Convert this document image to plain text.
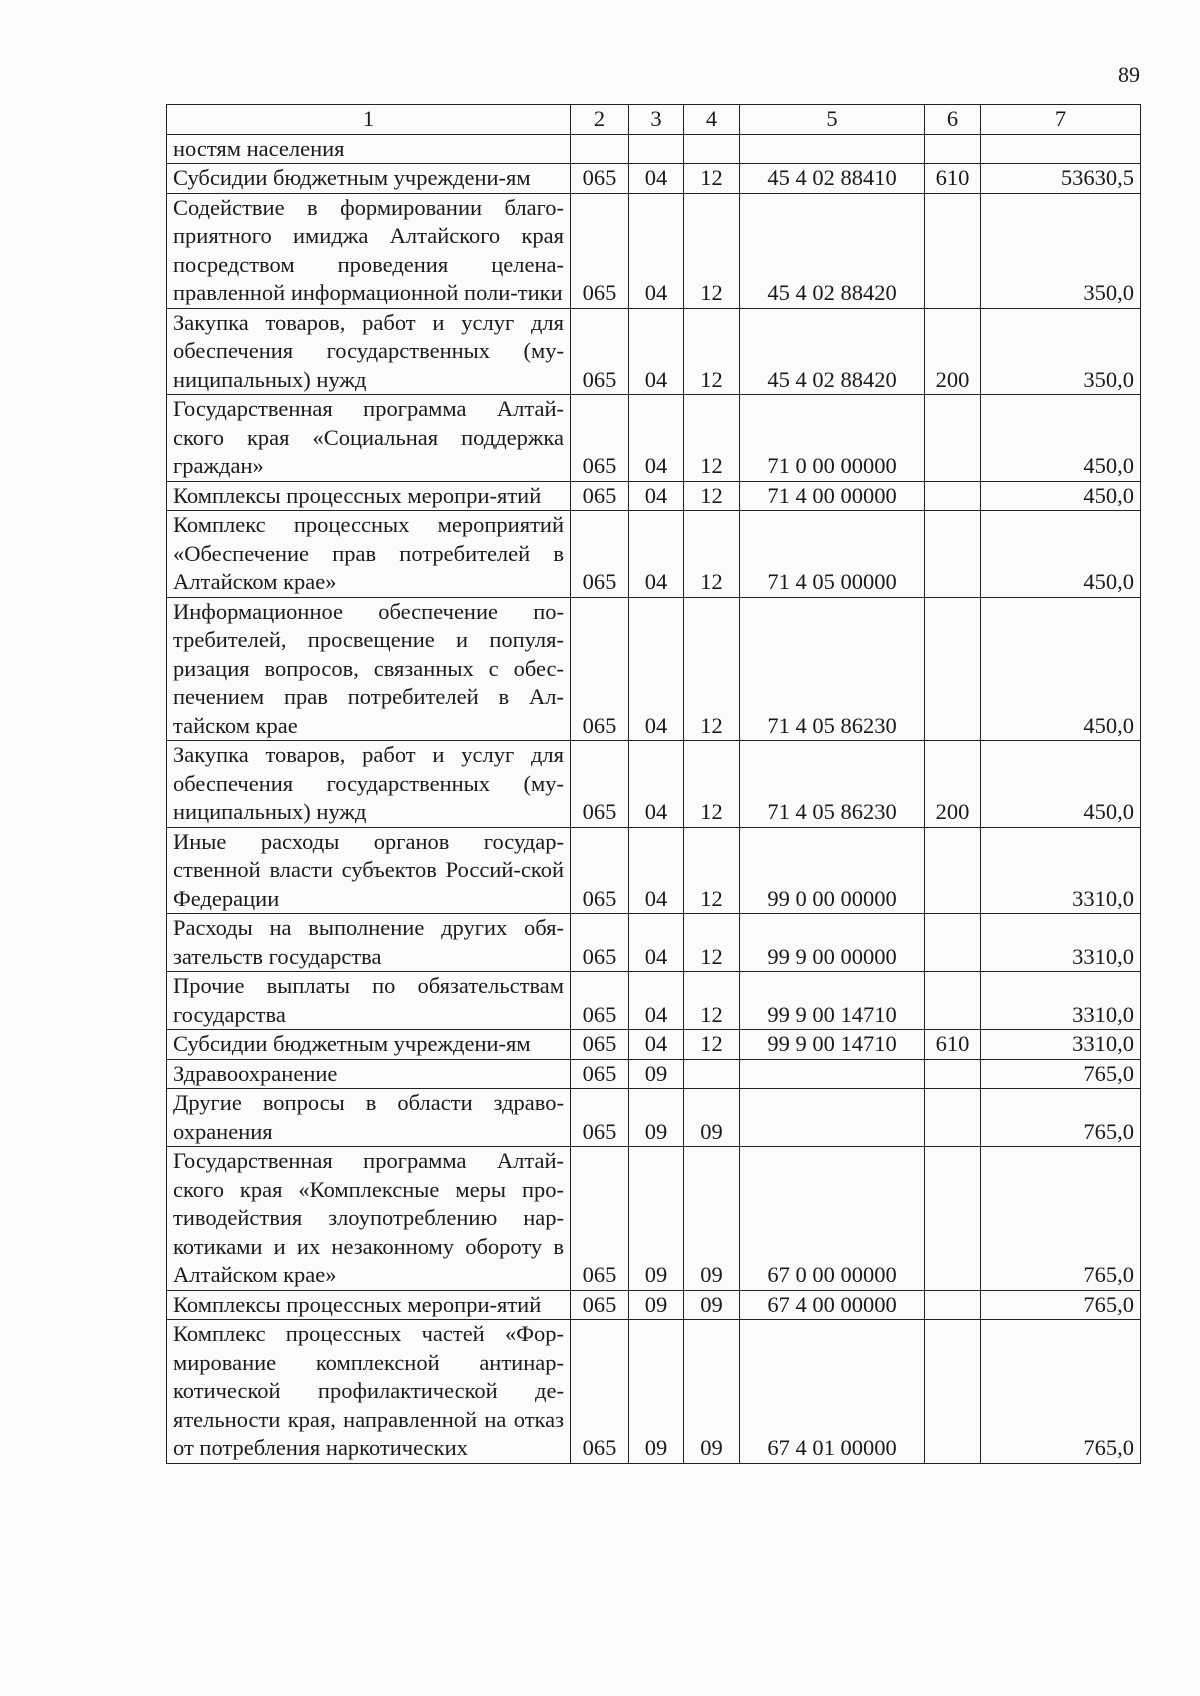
89
1	2	3	4	5	6	7
ностям населения						
Субсидии бюджетным учреждени-ям	065	04	12	45 4 02 88410	610	53630,5
Содействие в формировании благо-приятного имиджа Алтайского края посредством проведения целена-правленной информационной поли-тики	065	04	12	45 4 02 88420		350,0
Закупка товаров, работ и услуг для обеспечения государственных (му-ниципальных) нужд	065	04	12	45 4 02 88420	200	350,0
Государственная программа Алтай-ского края «Социальная поддержка граждан»	065	04	12	71 0 00 00000		450,0
Комплексы процессных меропри-ятий	065	04	12	71 4 00 00000		450,0
Комплекс процессных мероприятий «Обеспечение прав потребителей в Алтайском крае»	065	04	12	71 4 05 00000		450,0
Информационное обеспечение по-требителей, просвещение и популя-ризация вопросов, связанных с обес-печением прав потребителей в Ал-тайском крае	065	04	12	71 4 05 86230		450,0
Закупка товаров, работ и услуг для обеспечения государственных (му-ниципальных) нужд	065	04	12	71 4 05 86230	200	450,0
Иные расходы органов государ-ственной власти субъектов Россий-ской Федерации	065	04	12	99 0 00 00000		3310,0
Расходы на выполнение других обя-зательств государства	065	04	12	99 9 00 00000		3310,0
Прочие выплаты по обязательствам государства	065	04	12	99 9 00 14710		3310,0
Субсидии бюджетным учреждени-ям	065	04	12	99 9 00 14710	610	3310,0
Здравоохранение	065	09				765,0
Другие вопросы в области здраво-охранения	065	09	09			765,0
Государственная программа Алтай-ского края «Комплексные меры про-тиводействия злоупотреблению нар-котиками и их незаконному обороту в Алтайском крае»	065	09	09	67 0 00 00000		765,0
Комплексы процессных меропри-ятий	065	09	09	67 4 00 00000		765,0
Комплекс процессных частей «Фор-мирование комплексной антинар-котической профилактической де-ятельности края, направленной на отказ от потребления наркотических	065	09	09	67 4 01 00000		765,0
